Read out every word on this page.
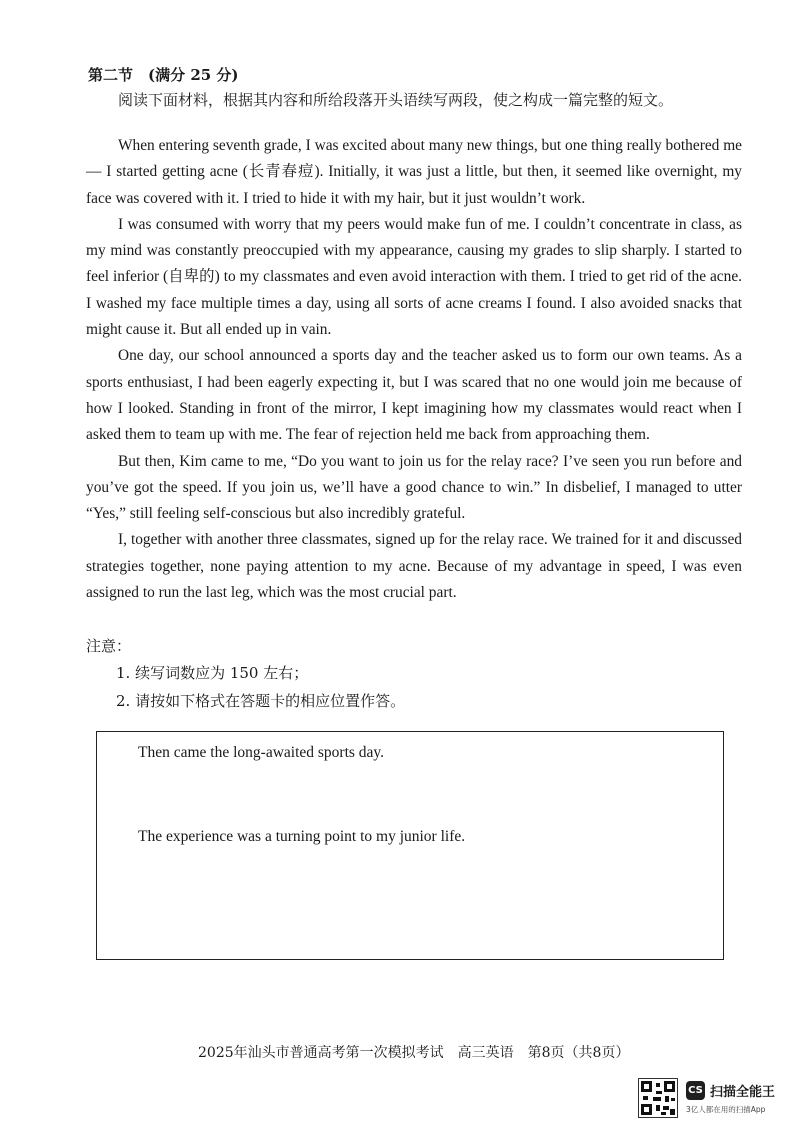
第二节　(满分 25 分)
阅读下面材料，根据其内容和所给段落开头语续写两段，使之构成一篇完整的短文。

When entering seventh grade, I was excited about many new things, but one thing really bothered me — I started getting acne (长青春痘). Initially, it was just a little, but then, it seemed like overnight, my face was covered with it. I tried to hide it with my hair, but it just wouldn’t work.

I was consumed with worry that my peers would make fun of me. I couldn’t concentrate in class, as my mind was constantly preoccupied with my appearance, causing my grades to slip sharply. I started to feel inferior (自卑的) to my classmates and even avoid interaction with them. I tried to get rid of the acne. I washed my face multiple times a day, using all sorts of acne creams I found. I also avoided snacks that might cause it. But all ended up in vain.

One day, our school announced a sports day and the teacher asked us to form our own teams. As a sports enthusiast, I had been eagerly expecting it, but I was scared that no one would join me because of how I looked. Standing in front of the mirror, I kept imagining how my classmates would react when I asked them to team up with me. The fear of rejection held me back from approaching them.

But then, Kim came to me, “Do you want to join us for the relay race? I’ve seen you run before and you’ve got the speed. If you join us, we’ll have a good chance to win.” In disbelief, I managed to utter “Yes,” still feeling self-conscious but also incredibly grateful.

I, together with another three classmates, signed up for the relay race. We trained for it and discussed strategies together, none paying attention to my acne. Because of my advantage in speed, I was even assigned to run the last leg, which was the most crucial part.

注意：
1. 续写词数应为 150 左右；
2. 请按如下格式在答题卡的相应位置作答。
Then came the long-awaited sports day.
The experience was a turning point to my junior life.
2025年汕头市普通高考第一次模拟考试　高三英语　第8页（共8页）
CS 扫描全能王
3亿人都在用的扫描App
